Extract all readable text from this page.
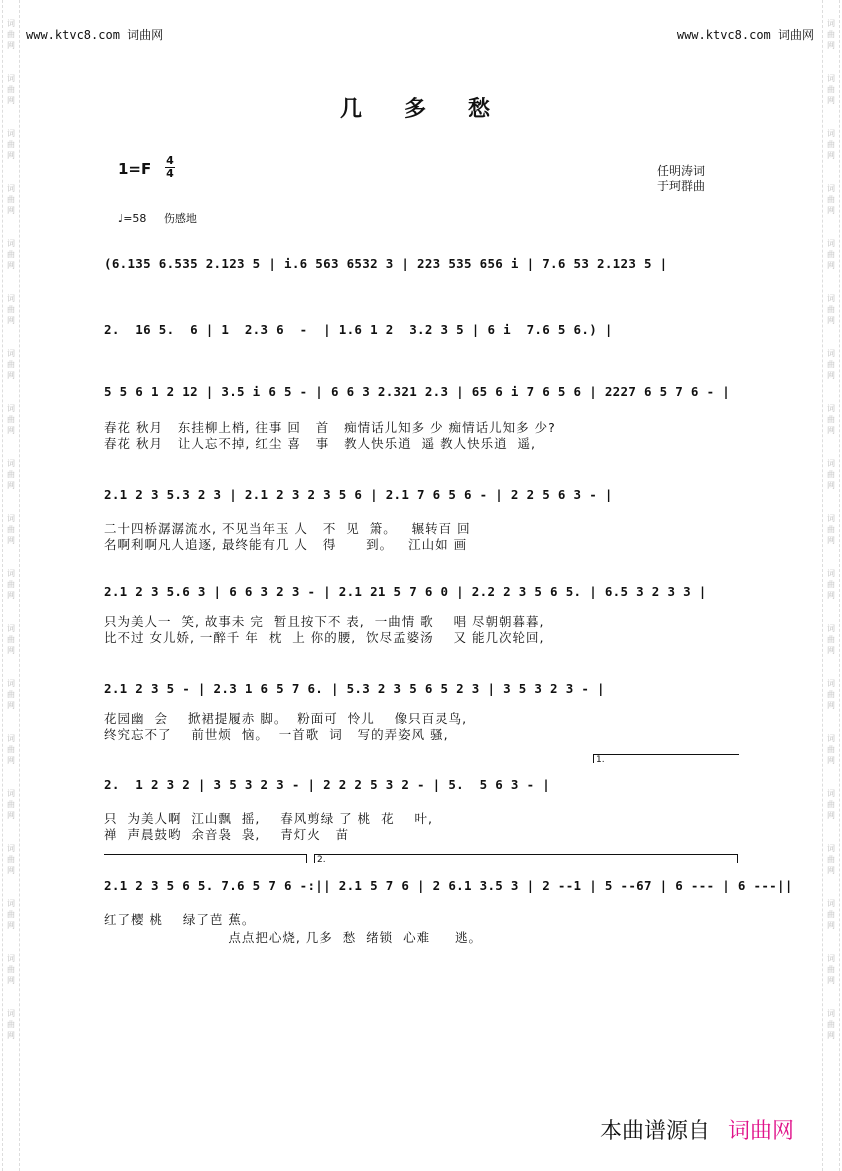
词
曲
网
词
曲
网
词
曲
网
词
曲
网
词
曲
网
词
曲
网
词
曲
网
词
曲
网
词
曲
网
词
曲
网
词
曲
网
词
曲
网
词
曲
网
词
曲
网
词
曲
网
词
曲
网
词
曲
网
词
曲
网
词
曲
网
词
曲
网
词
曲
网
词
曲
网
词
曲
网
词
曲
网
词
曲
网
词
曲
网
词
曲
网
词
曲
网
词
曲
网
词
曲
网
词
曲
网
词
曲
网
词
曲
网
词
曲
网
词
曲
网
词
曲
网
词
曲
网
词
曲
网
www.ktvc8.com 词曲网	www.ktvc8.com 词曲网
几多愁
1=F 4
4	任明涛词
于珂群曲
♩=58 伤感地
(6.135 6.535 2.123 5 | i.6 563 6532 3 | 223 535 656 i | 7.6 53 2.123 5 |
2.  16 5.  6 | 1  2.3 6  -  | 1.6 1 2  3.2 3 5 | 6 i  7.6 5 6.) |
5 5 6 1 2 12 | 3.5 i 6 5 - | 6 6 3 2.321 2.3 | 65 6 i 7 6 5 6 | 2227 6 5 7 6 - |
春花 秋月   东挂柳上梢, 往事 回   首   痴情话儿知多 少 痴情话儿知多 少?
春花 秋月   让人忘不掉, 红尘 喜   事   教人快乐逍  遥 教人快乐逍  遥,
2.1 2 3 5.3 2 3 | 2.1 2 3 2 3 5 6 | 2.1 7 6 5 6 - | 2 2 5 6 3 - |
二十四桥潺潺流水, 不见当年玉 人   不  见  箫。   辗转百 回
名啊利啊凡人追逐, 最终能有几 人   得      到。   江山如 画
2.1 2 3 5.6 3 | 6 6 3 2 3 - | 2.1 21 5 7 6 0 | 2.2 2 3 5 6 5. | 6.5 3 2 3 3 |
只为美人一  笑, 故事未 完  暂且按下不 表,  一曲情 歌    唱 尽朝朝暮暮,
比不过 女儿娇, 一醉千 年  枕  上 你的腰,  饮尽孟婆汤    又 能几次轮回,
2.1 2 3 5 - | 2.3 1 6 5 7 6. | 5.3 2 3 5 6 5 2 3 | 3 5 3 2 3 - |
花园幽  会    掀裙提履赤 脚。  粉面可  怜儿    像只百灵鸟,
终究忘不了    前世烦  恼。  一首歌  词   写的弄姿风 骚,
1.
2.  1 2 3 2 | 3 5 3 2 3 - | 2 2 2 5 3 2 - | 5.  5 6 3 - |
只  为美人啊  江山飘  摇,    春风剪绿 了 桃  花    叶,
禅  声晨鼓哟  余音袅  袅,    青灯火   苗
2.
2.1 2 3 5 6 5. 7.6 5 7 6 -:|| 2.1 5 7 6 | 2 6.1 3.5 3 | 2 --1 | 5 --67 | 6 --- | 6 ---||
红了樱 桃    绿了芭 蕉。
点点把心烧, 几多  愁  绪锁  心难     逃。
本曲谱源自 词曲网
